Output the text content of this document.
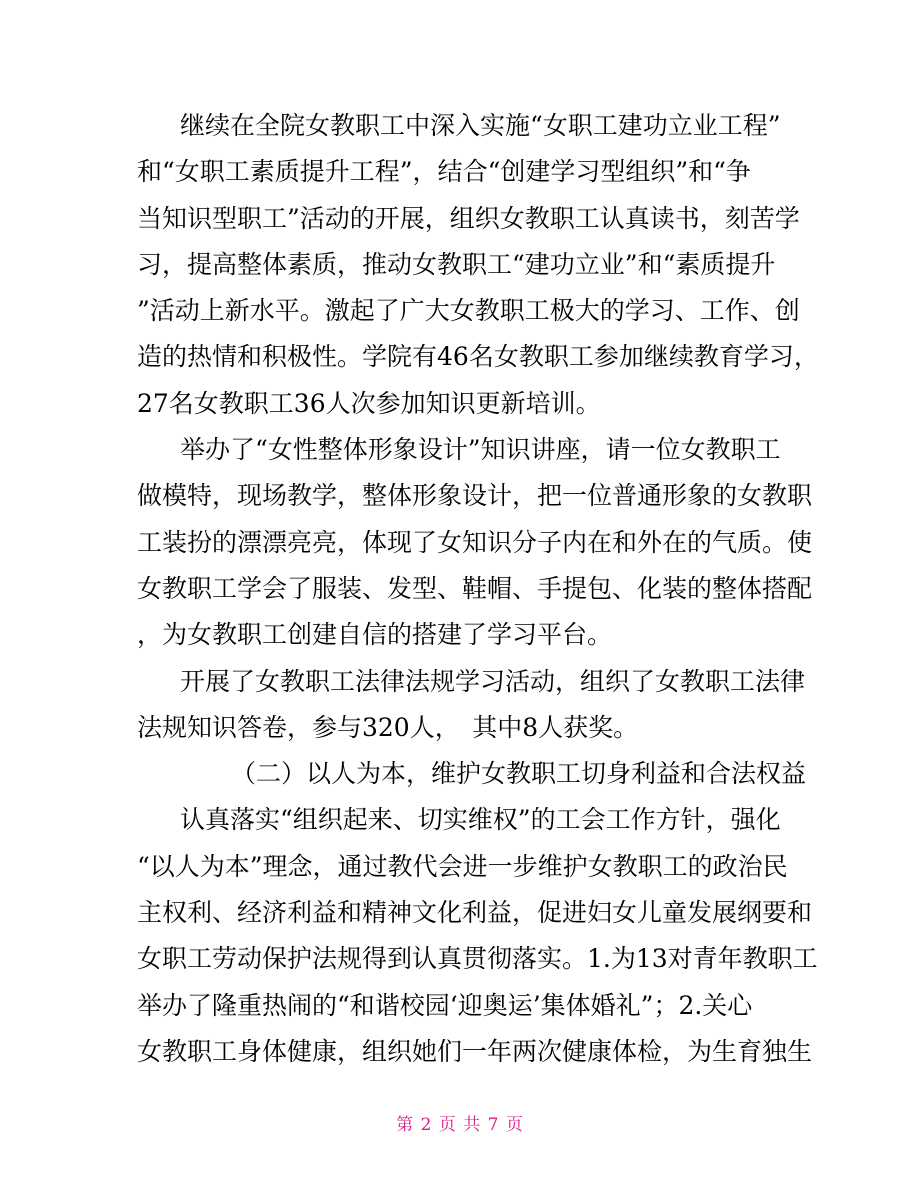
继续在全院女教职工中深入实施“女职工建功立业工程”
和“女职工素质提升工程”，结合“创建学习型组织”和“争
当知识型职工”活动的开展，组织女教职工认真读书，刻苦学
习，提高整体素质，推动女教职工“建功立业”和“素质提升
”活动上新水平。激起了广大女教职工极大的学习、工作、创
造的热情和积极性。学院有46名女教职工参加继续教育学习，
27名女教职工36人次参加知识更新培训。
举办了“女性整体形象设计”知识讲座，请一位女教职工
做模特，现场教学，整体形象设计，把一位普通形象的女教职
工装扮的漂漂亮亮，体现了女知识分子内在和外在的气质。使
女教职工学会了服装、发型、鞋帽、手提包、化装的整体搭配
，为女教职工创建自信的搭建了学习平台。
开展了女教职工法律法规学习活动，组织了女教职工法律
法规知识答卷，参与320人，　其中8人获奖。
（二）以人为本，维护女教职工切身利益和合法权益
认真落实“组织起来、切实维权”的工会工作方针，强化
“以人为本”理念，通过教代会进一步维护女教职工的政治民
主权利、经济利益和精神文化利益，促进妇女儿童发展纲要和
女职工劳动保护法规得到认真贯彻落实。1.为13对青年教职工
举办了隆重热闹的“和谐校园‘迎奥运’集体婚礼”；2.关心
女教职工身体健康，组织她们一年两次健康体检，为生育独生
第 2 页 共 7 页
